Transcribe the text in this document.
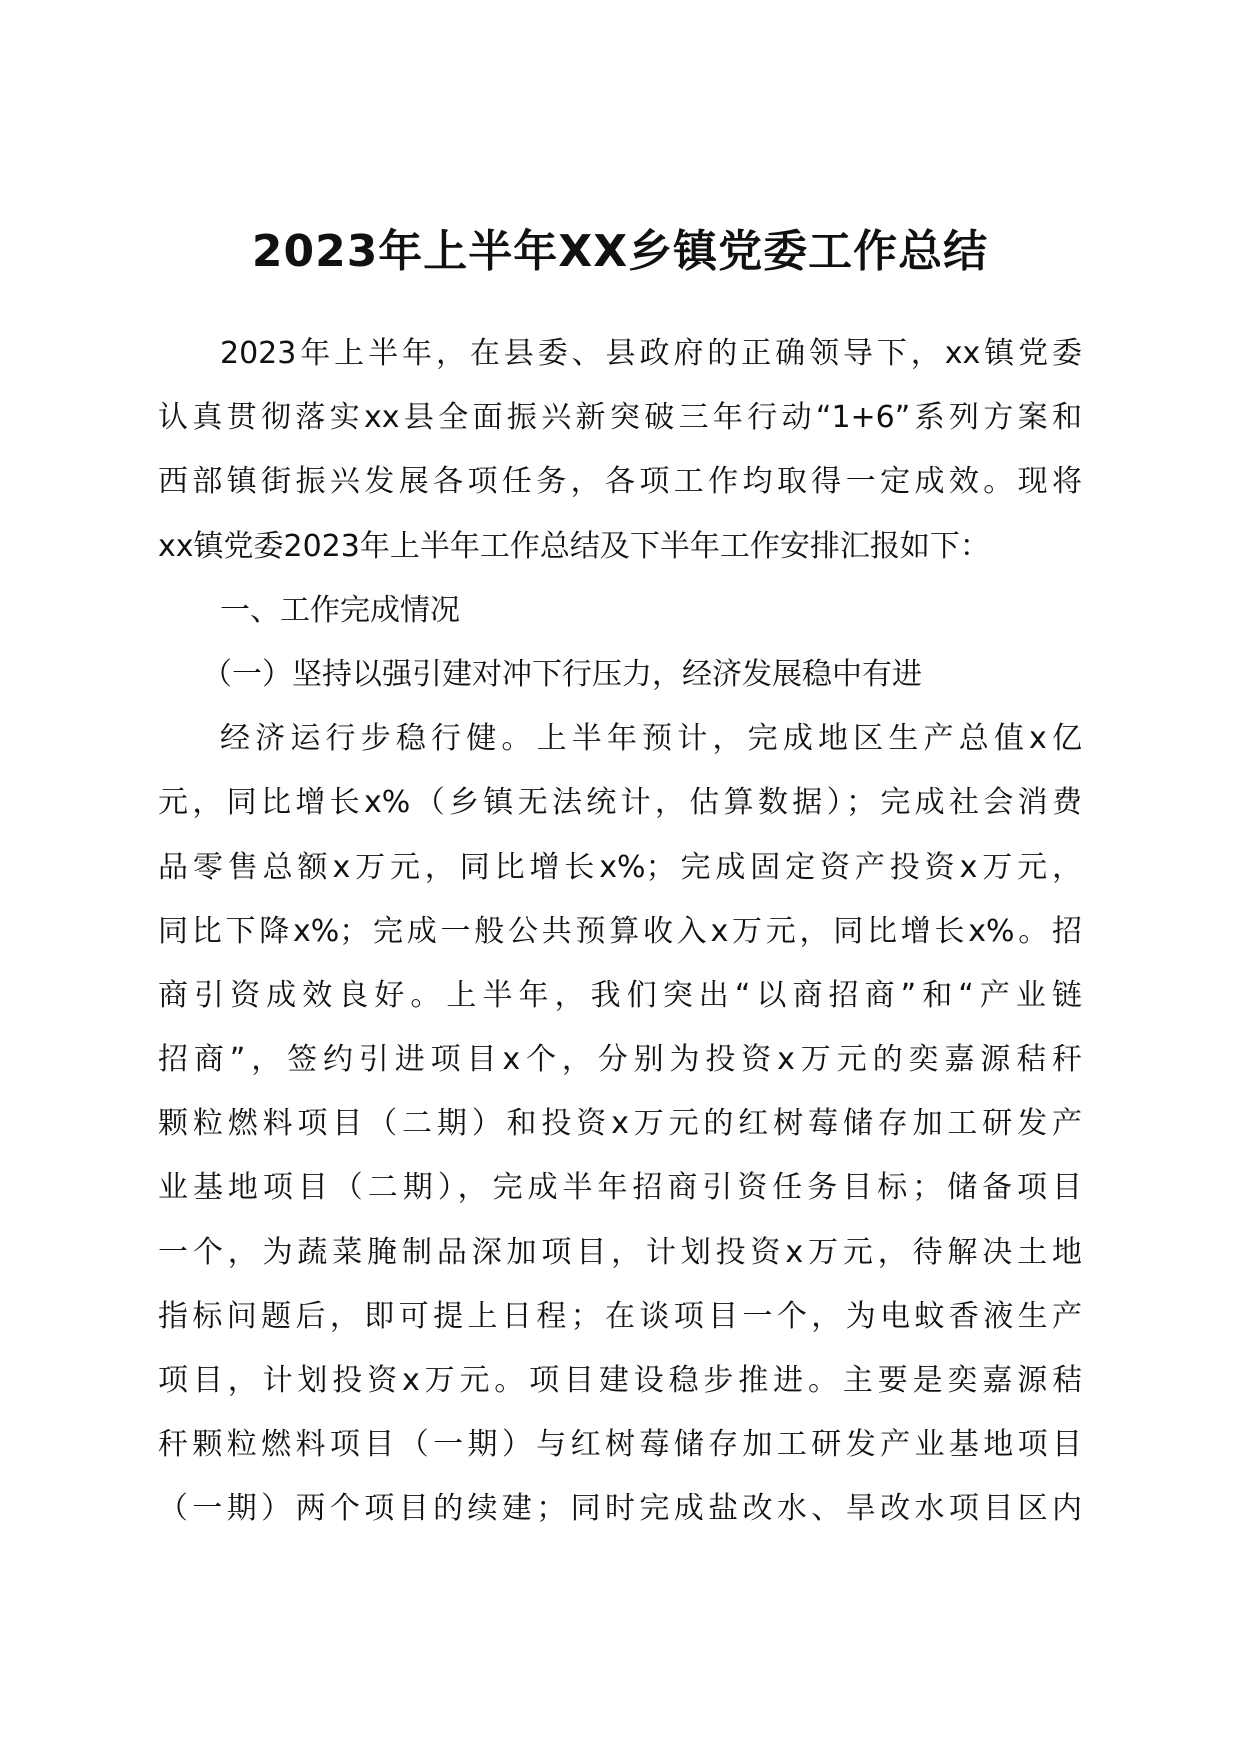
2023年上半年XX乡镇党委工作总结
2023年上半年，在县委、县政府的正确领导下，xx镇党委
认真贯彻落实xx县全面振兴新突破三年行动“1+6”系列方案和
西部镇街振兴发展各项任务，各项工作均取得一定成效。现将
xx镇党委2023年上半年工作总结及下半年工作安排汇报如下：
一、工作完成情况
（一）坚持以强引建对冲下行压力，经济发展稳中有进
经济运行步稳行健。上半年预计，完成地区生产总值x亿
元，同比增长x%（乡镇无法统计，估算数据）；完成社会消费
品零售总额x万元，同比增长x%；完成固定资产投资x万元，
同比下降x%；完成一般公共预算收入x万元，同比增长x%。招
商引资成效良好。上半年，我们突出“以商招商”和“产业链
招商”，签约引进项目x个，分别为投资x万元的奕嘉源秸秆
颗粒燃料项目（二期）和投资x万元的红树莓储存加工研发产
业基地项目（二期），完成半年招商引资任务目标；储备项目
一个，为蔬菜腌制品深加项目，计划投资x万元，待解决土地
指标问题后，即可提上日程；在谈项目一个，为电蚊香液生产
项目，计划投资x万元。项目建设稳步推进。主要是奕嘉源秸
秆颗粒燃料项目（一期）与红树莓储存加工研发产业基地项目
（一期）两个项目的续建；同时完成盐改水、旱改水项目区内
